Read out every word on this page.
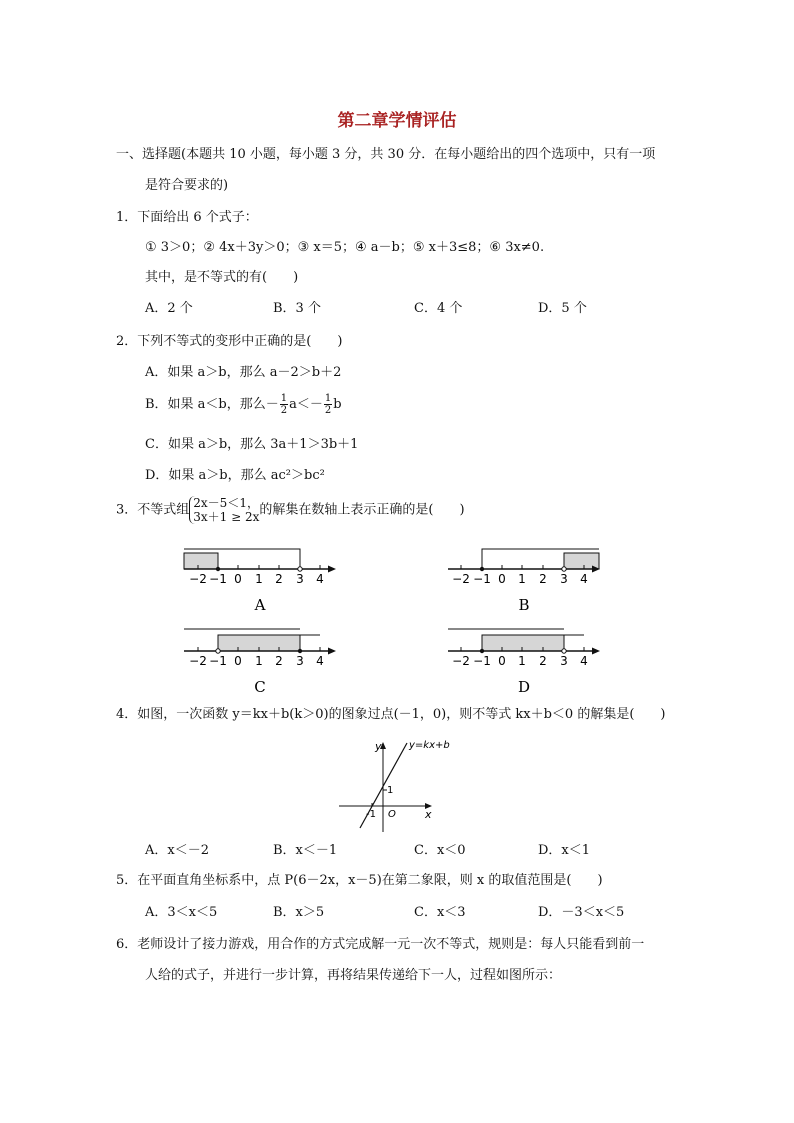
第二章学情评估
一、选择题(本题共 10 小题，每小题 3 分，共 30 分．在每小题给出的四个选项中，只有一项
是符合要求的)
1．下面给出 6 个式子：
① 3＞0；② 4x＋3y＞0；③ x＝5；④ a－b；⑤ x＋3≤8；⑥ 3x≠0.
其中，是不等式的有(　　)
A．2 个	B．3 个	C．4 个	D．5 个
2．下列不等式的变形中正确的是(　　)
A．如果 a＞b，那么 a－2＞b＋2
B．如果 a＜b，那么－ $\frac{1}{2} a<- \frac{1}{2}$ b
C．如果 a＞b，那么 3a＋1＞3b＋1
D．如果 a＞b，那么 ac²＞bc²
3．不等式组 2x－5＜1，
3x＋1 ≥ 2x 的解集在数轴上表示正确的是(　　)
−2 −1 0 1 2 3 4
A
−2 −1 0 1 2 3 4
B
−2 −1 0 1 2 3 4
C
−2 −1 0 1 2 3 4
D
y=kx+b
y
x
O
-1
1
4．如图，一次函数 y＝kx＋b(k＞0)的图象过点(－1，0)，则不等式 kx＋b＜0 的解集是(　　)
A．x＜－2	B．x＜－1	C．x＜0	D．x＜1
5．在平面直角坐标系中，点 P(6－2x，x－5)在第二象限，则 x 的取值范围是(　　)
A．3＜x＜5	B．x＞5	C．x＜3	D．－3＜x＜5
6．老师设计了接力游戏，用合作的方式完成解一元一次不等式，规则是：每人只能看到前一
人给的式子，并进行一步计算，再将结果传递给下一人，过程如图所示：
